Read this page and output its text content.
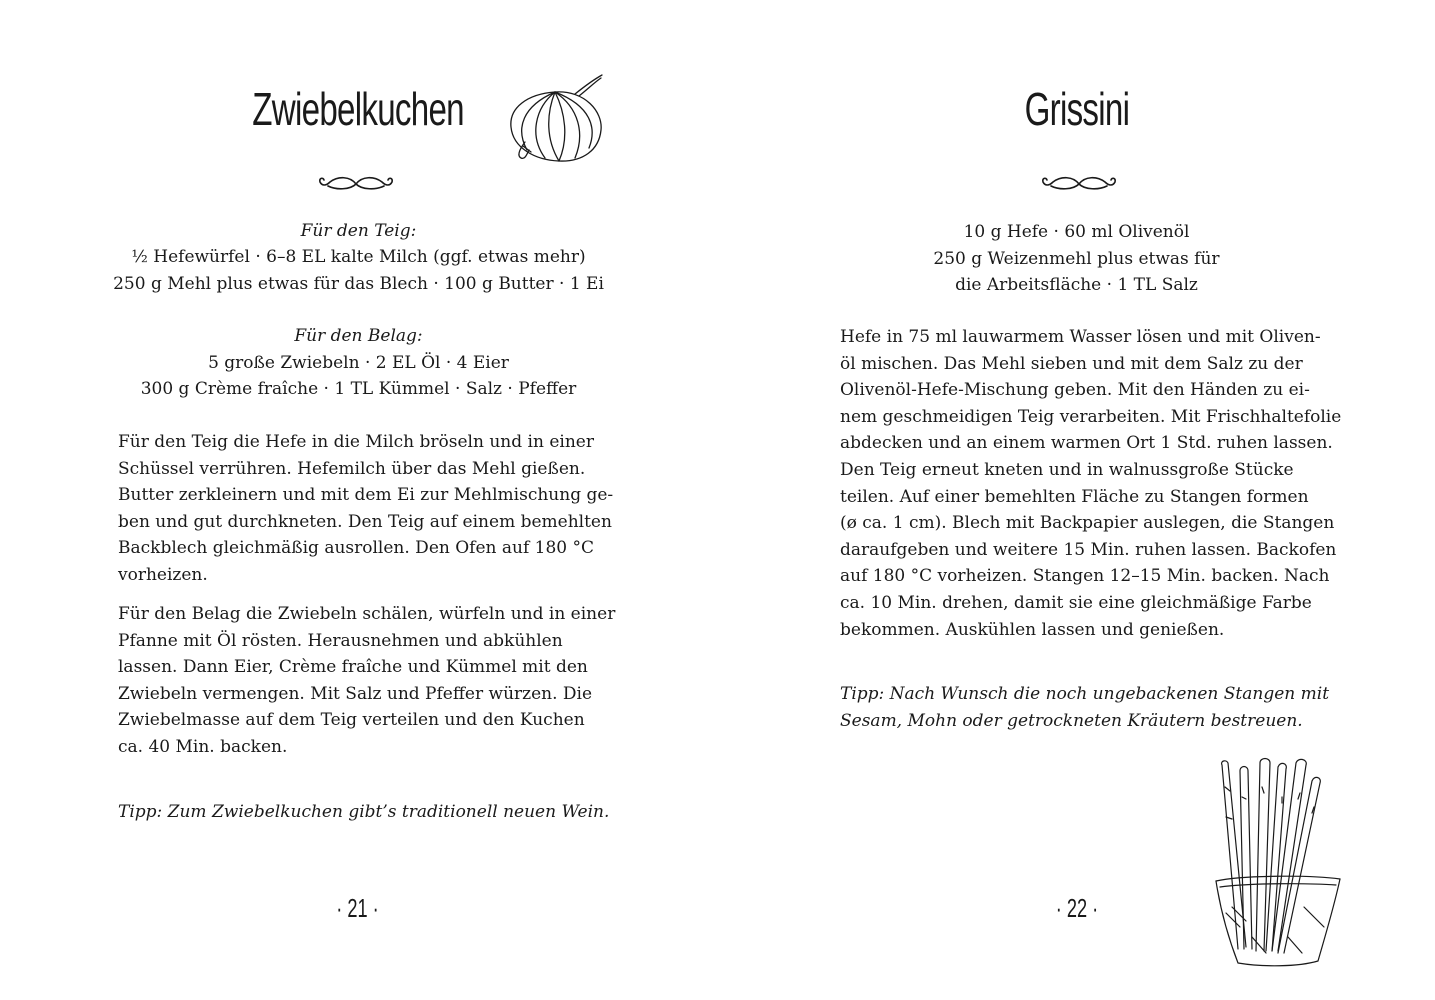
Zwiebelkuchen
Für den Teig:
½ Hefewürfel · 6–8 EL kalte Milch (ggf. etwas mehr)
250 g Mehl plus etwas für das Blech · 100 g Butter · 1 Ei
Für den Belag:
5 große Zwiebeln · 2 EL Öl · 4 Eier
300 g Crème fraîche · 1 TL Kümmel · Salz · Pfeffer

Für den Teig die Hefe in die Milch bröseln und in einer

Schüssel verrühren. Hefemilch über das Mehl gießen.

Butter zerkleinern und mit dem Ei zur Mehlmischung ge-

ben und gut durchkneten. Den Teig auf einem bemehlten

Backblech gleichmäßig ausrollen. Den Ofen auf 180 °C

vorheizen.

Für den Belag die Zwiebeln schälen, würfeln und in einer

Pfanne mit Öl rösten. Herausnehmen und abkühlen

lassen. Dann Eier, Crème fraîche und Kümmel mit den

Zwiebeln vermengen. Mit Salz und Pfeffer würzen. Die

Zwiebelmasse auf dem Teig verteilen und den Kuchen

ca. 40 Min. backen.

Tipp: Zum Zwiebelkuchen gibt’s traditionell neuen Wein.

· 21 ·
Grissini
10 g Hefe · 60 ml Olivenöl
250 g Weizenmehl plus etwas für
die Arbeitsfläche · 1 TL Salz

Hefe in 75 ml lauwarmem Wasser lösen und mit Oliven-

öl mischen. Das Mehl sieben und mit dem Salz zu der

Olivenöl-Hefe-Mischung geben. Mit den Händen zu ei-

nem geschmeidigen Teig verarbeiten. Mit Frischhaltefolie

abdecken und an einem warmen Ort 1 Std. ruhen lassen.

Den Teig erneut kneten und in walnussgroße Stücke

teilen. Auf einer bemehlten Fläche zu Stangen formen

(ø ca. 1 cm). Blech mit Backpapier auslegen, die Stangen

daraufgeben und weitere 15 Min. ruhen lassen. Backofen

auf 180 °C vorheizen. Stangen 12–15 Min. backen. Nach

ca. 10 Min. drehen, damit sie eine gleichmäßige Farbe

bekommen. Auskühlen lassen und genießen.

Tipp: Nach Wunsch die noch ungebackenen Stangen mit

Sesam, Mohn oder getrockneten Kräutern bestreuen.

· 22 ·
